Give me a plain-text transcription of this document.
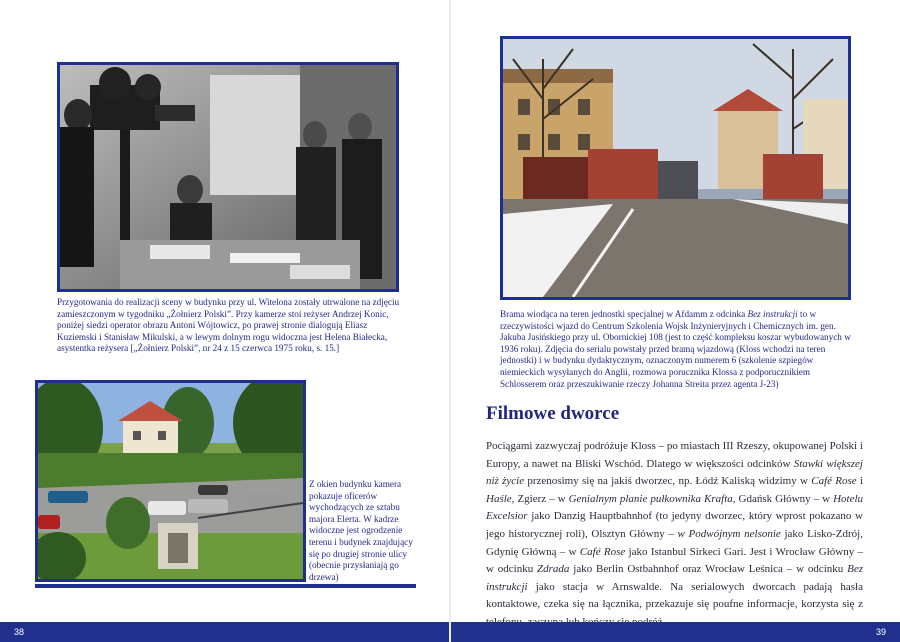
Przygotowania do realizacji sceny w budynku przy ul. Witelona zostały utrwalone na zdjęciu zamieszczonym w tygodniku „Żołnierz Polski”. Przy kamerze stoi reżyser Andrzej Konic, poniżej siedzi operator obrazu Antoni Wójtowicz, po prawej stronie dialogują Eliasz Kuziemski i Stanisław Mikulski, a w lewym dolnym rogu widoczna jest Helena Białecka, asystentka reżysera [„Żołnierz Polski”, nr 24 z 15 czerwca 1975 roku, s. 15.]
Brama wiodąca na teren jednostki specjalnej w Afdamm z odcinka Bez instrukcji to w rzeczywistości wjazd do Centrum Szkolenia Wojsk Inżynieryjnych i Chemicznych im. gen. Jakuba Jasińskiego przy ul. Obornickiej 108 (jest to część kompleksu koszar wybudowanych w 1936 roku). Zdjęcia do serialu powstały przed bramą wjazdową (Kloss wchodzi na teren jednostki) i w budynku dydaktycznym, oznaczonym numerem 6 (szkolenie szpiegów niemieckich wysyłanych do Anglii, rozmowa porucznika Klossa z podporucznikiem Schlosserem oraz przeszukiwanie rzeczy Johanna Streita przez agenta J-23)
Z okien budynku kamera pokazuje oficerów wychodzących ze sztabu majora Elerta. W kadrze widoczne jest ogrodzenie terenu i budynek znajdujący się po drugiej stronie ulicy (obecnie przysłaniają go drzewa)
Filmowe dworce

Pociągami zazwyczaj podróżuje Kloss – po miastach III Rzeszy, okupowanej Polski i Europy, a nawet na Bliski Wschód. Dlatego w większości odcinków Stawki większej niż życie przenosimy się na jakiś dworzec, np. Łódź Kaliską widzimy w Café Rose i Haśle, Zgierz – w Genialnym planie pułkownika Krafta, Gdańsk Główny – w Hotelu Excelsior jako Danzig Hauptbahnhof (to jedyny dworzec, który wprost pokazano w jego historycznej roli), Olsztyn Główny – w Podwójnym nelsonie jako Lisko-Zdrój, Gdynię Główną – w Café Rose jako Istanbul Sirkeci Gari. Jest i Wrocław Główny – w odcinku Zdrada jako Berlin Ostbahnhof oraz Wrocław Leśnica – w odcinku Bez instrukcji jako stacja w Arnswalde. Na serialowych dworcach padają hasła kontaktowe, czeka się na łącznika, przekazuje się poufne informacje, korzysta się z

38	39
